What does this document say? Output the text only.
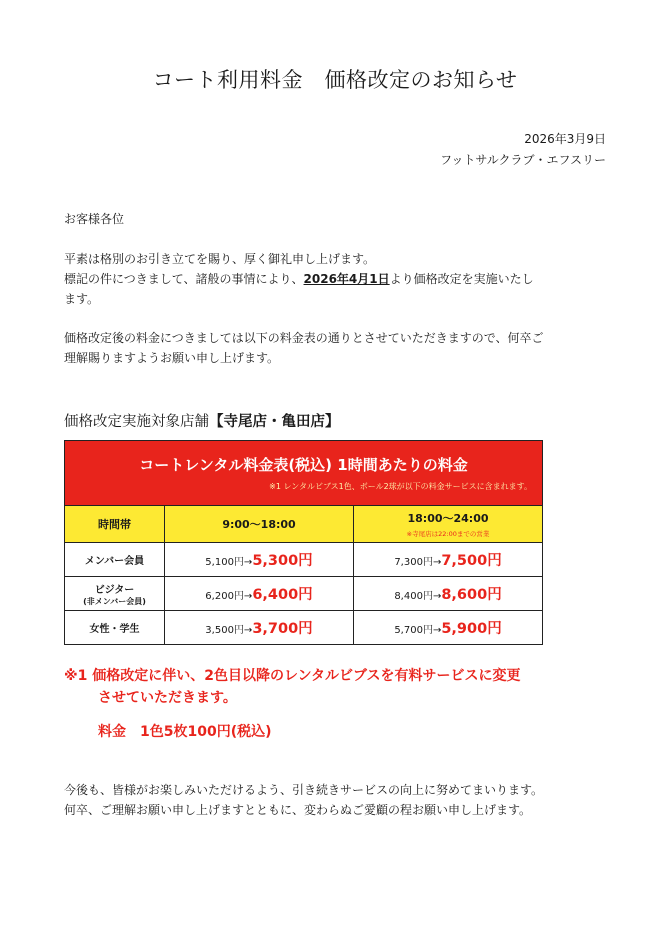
コート利用料金　価格改定のお知らせ
2026年3月9日
フットサルクラブ・エフスリー
お客様各位
平素は格別のお引き立てを賜り、厚く御礼申し上げます。
標記の件につきまして、諸般の事情により、2026年4月1日より価格改定を実施いたし
ます。
価格改定後の料金につきましては以下の料金表の通りとさせていただきますので、何卒ご
理解賜りますようお願い申し上げます。
価格改定実施対象店舗【寺尾店・亀田店】
コートレンタル料金表(税込) 1時間あたりの料金
※1 レンタルビブス1色、ボール2球が以下の料金サービスに含まれます。		

時間帯	9:00〜18:00	18:00〜24:00
※寺尾店は22:00までの営業

メンバー会員	5,100円→5,300円	7,300円→7,500円

ビジター
(非メンバー会員)	6,200円→6,400円	8,400円→8,600円

女性・学生	3,500円→3,700円	5,700円→5,900円
※1 価格改定に伴い、2色目以降のレンタルビブスを有料サービスに変更
させていただきます。
料金　1色5枚100円(税込)
今後も、皆様がお楽しみいただけるよう、引き続きサービスの向上に努めてまいります。
何卒、ご理解お願い申し上げますとともに、変わらぬご愛顧の程お願い申し上げます。
